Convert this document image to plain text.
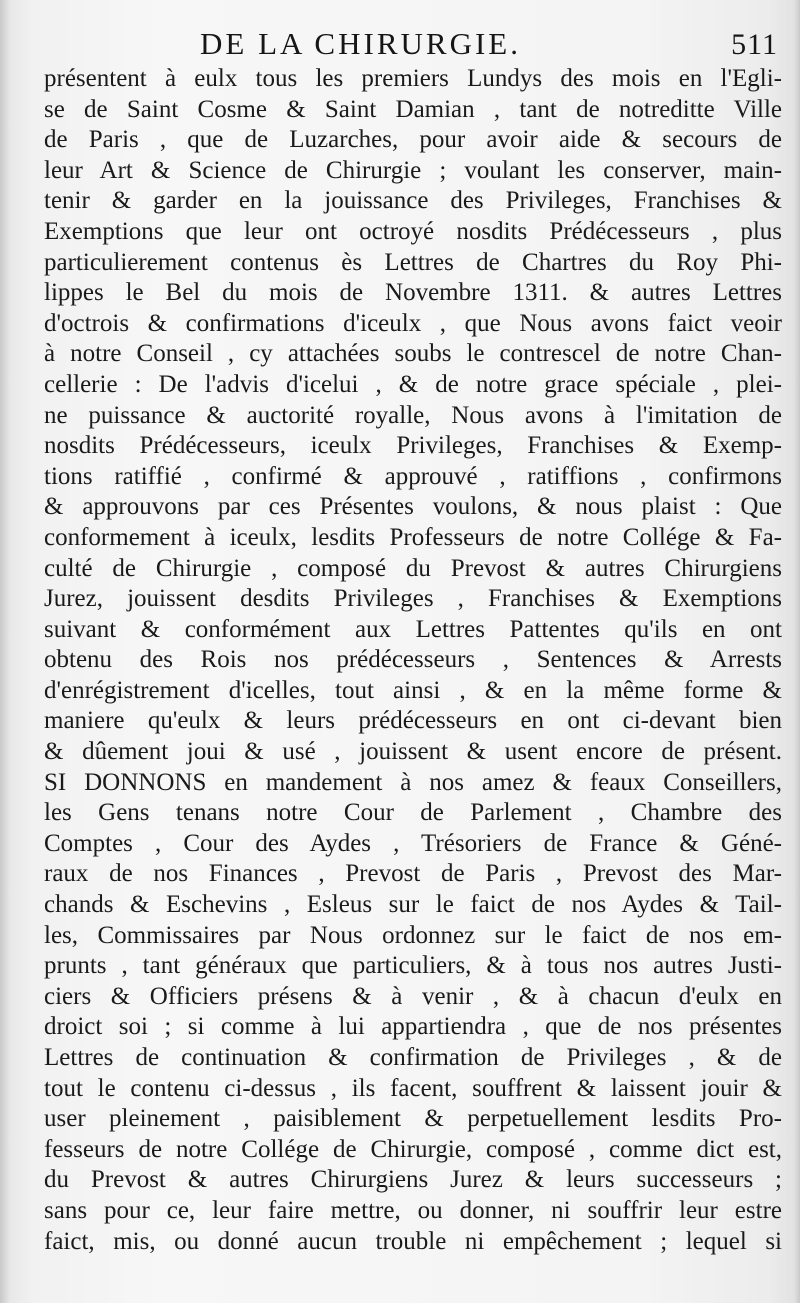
DE LA CHIRURGIE.	511
présentent à eulx tous les premiers Lundys des mois en l'Egli-
se de Saint Cosme & Saint Damian , tant de notreditte Ville
de Paris , que de Luzarches, pour avoir aide & secours de
leur Art & Science de Chirurgie ; voulant les conserver, main-
tenir & garder en la jouissance des Privileges, Franchises &
Exemptions que leur ont octroyé nosdits Prédécesseurs , plus
particulierement contenus ès Lettres de Chartres du Roy Phi-
lippes le Bel du mois de Novembre 1311. & autres Lettres
d'octrois & confirmations d'iceulx , que Nous avons faict veoir
à notre Conseil , cy attachées soubs le contrescel de notre Chan-
cellerie : De l'advis d'icelui , & de notre grace spéciale , plei-
ne puissance & auctorité royalle, Nous avons à l'imitation de
nosdits Prédécesseurs, iceulx Privileges, Franchises & Exemp-
tions ratiffié , confirmé & approuvé , ratiffions , confirmons
& approuvons par ces Présentes voulons, & nous plaist : Que
conformement à iceulx, lesdits Professeurs de notre Collége & Fa-
culté de Chirurgie , composé du Prevost & autres Chirurgiens
Jurez, jouissent desdits Privileges , Franchises & Exemptions
suivant & conformément aux Lettres Pattentes qu'ils en ont
obtenu des Rois nos prédécesseurs , Sentences & Arrests
d'enrégistrement d'icelles, tout ainsi , & en la même forme &
maniere qu'eulx & leurs prédécesseurs en ont ci-devant bien
& dûement joui & usé , jouissent & usent encore de présent.
SI DONNONS en mandement à nos amez & feaux Conseillers,
les Gens tenans notre Cour de Parlement , Chambre des
Comptes , Cour des Aydes , Trésoriers de France & Géné-
raux de nos Finances , Prevost de Paris , Prevost des Mar-
chands & Eschevins , Esleus sur le faict de nos Aydes & Tail-
les, Commissaires par Nous ordonnez sur le faict de nos em-
prunts , tant généraux que particuliers, & à tous nos autres Justi-
ciers & Officiers présens & à venir , & à chacun d'eulx en
droict soi ; si comme à lui appartiendra , que de nos présentes
Lettres de continuation & confirmation de Privileges , & de
tout le contenu ci-dessus , ils facent, souffrent & laissent jouir &
user pleinement , paisiblement & perpetuellement lesdits Pro-
fesseurs de notre Collége de Chirurgie, composé , comme dict est,
du Prevost & autres Chirurgiens Jurez & leurs successeurs ;
sans pour ce, leur faire mettre, ou donner, ni souffrir leur estre
faict, mis, ou donné aucun trouble ni empêchement ; lequel si
